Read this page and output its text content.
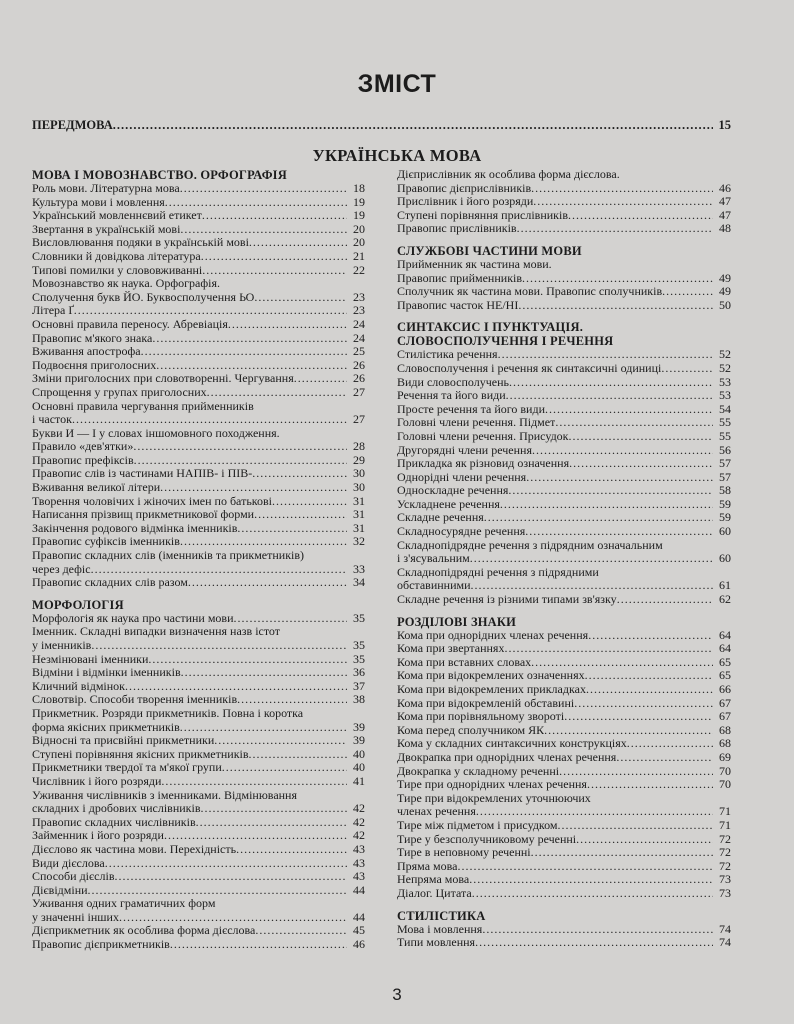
ЗМІСТ
ПЕРЕДМОВА .....	15
УКРАЇНСЬКА МОВА
МОВА І МОВОЗНАВСТВО. ОРФОГРАФІЯ
Роль мови. Літературна мова .....	18
Культура мови і мовлення .....	19
Український мовленнєвий етикет .....	19
Звертання в українській мові .....	20
Висловлювання подяки в українській мові .....	20
Словники й довідкова література .....	21
Типові помилки у слововживанні .....	22
Мовознавство як наука. Орфографія.
Сполучення букв ЙО. Буквосполучення ЬО .....	23
Літера Ґ .....	23
Основні правила переносу. Абревіація .....	24
Правопис м'якого знака .....	24
Вживання апострофа .....	25
Подвоєння приголосних .....	26
Зміни приголосних при словотворенні. Чергування .....	26
Спрощення у групах приголосних .....	27
Основні правила чергування прийменників
і часток .....	27
Букви И — І у словах іншомовного походження.
Правило «дев'ятки» .....	28
Правопис префіксів .....	29
Правопис слів із частинами НАПІВ- і ПІВ- .....	30
Вживання великої літери .....	30
Творення чоловічих і жіночих імен по батькові .....	31
Написання прізвищ прикметникової форми .....	31
Закінчення родового відмінка іменників .....	31
Правопис суфіксів іменників .....	32
Правопис складних слів (іменників та прикметників)
через дефіс .....	33
Правопис складних слів разом .....	34
МОРФОЛОГІЯ
Морфологія як наука про частини мови .....	35
Іменник. Складні випадки визначення назв істот
у іменників .....	35
Незмінювані іменники .....	35
Відміни і відмінки іменників .....	36
Кличний відмінок .....	37
Словотвір. Способи творення іменників .....	38
Прикметник. Розряди прикметників. Повна і коротка
форма якісних прикметників .....	39
Відносні та присвійні прикметники .....	39
Ступені порівняння якісних прикметників .....	40
Прикметники твердої та м'якої групи .....	40
Числівник і його розряди .....	41
Уживання числівників з іменниками. Відмінювання
складних і дробових числівників .....	42
Правопис складних числівників .....	42
Займенник і його розряди .....	42
Дієслово як частина мови. Перехідність .....	43
Види дієслова .....	43
Способи дієслів .....	43
Дієвідміни .....	44
Уживання одних граматичних форм
у значенні інших .....	44
Дієприкметник як особлива форма дієслова .....	45
Правопис дієприкметників .....	46
Дієприслівник як особлива форма дієслова.
Правопис дієприслівників .....	46
Прислівник і його розряди .....	47
Ступені порівняння прислівників .....	47
Правопис прислівників .....	48
СЛУЖБОВІ ЧАСТИНИ МОВИ
Прийменник як частина мови.
Правопис прийменників .....	49
Сполучник як частина мови. Правопис сполучників .....	49
Правопис часток НЕ/НІ .....	50
СИНТАКСИС І ПУНКТУАЦІЯ.
СЛОВОСПОЛУЧЕННЯ І РЕЧЕННЯ
Стилістика речення .....	52
Словосполучення і речення як синтаксичні одиниці .....	52
Види словосполучень .....	53
Речення та його види .....	53
Просте речення та його види .....	54
Головні члени речення. Підмет .....	55
Головні члени речення. Присудок .....	55
Другорядні члени речення .....	56
Прикладка як різновид означення .....	57
Однорідні члени речення .....	57
Односкладне речення .....	58
Ускладнене речення .....	59
Складне речення .....	59
Складносурядне речення .....	60
Складнопідрядне речення з підрядним означальним
і з'ясувальним .....	60
Складнопідрядні речення з підрядними
обставинними .....	61
Складне речення із різними типами зв'язку .....	62
РОЗДІЛОВІ ЗНАКИ
Кома при однорідних членах речення .....	64
Кома при звертаннях .....	64
Кома при вставних словах .....	65
Кома при відокремлених означеннях .....	65
Кома при відокремлених прикладках .....	66
Кома при відокремленій обставині .....	67
Кома при порівняльному звороті .....	67
Кома перед сполучником ЯК .....	68
Кома у складних синтаксичних конструкціях .....	68
Двокрапка при однорідних членах речення .....	69
Двокрапка у складному реченні .....	70
Тире при однорідних членах речення .....	70
Тире при відокремлених уточнюючих
членах речення .....	71
Тире між підметом і присудком .....	71
Тире у безсполучниковому реченні .....	72
Тире в неповному реченні .....	72
Пряма мова .....	72
Непряма мова .....	73
Діалог. Цитата .....	73
СТИЛІСТИКА
Мова і мовлення .....	74
Типи мовлення .....	74
3
